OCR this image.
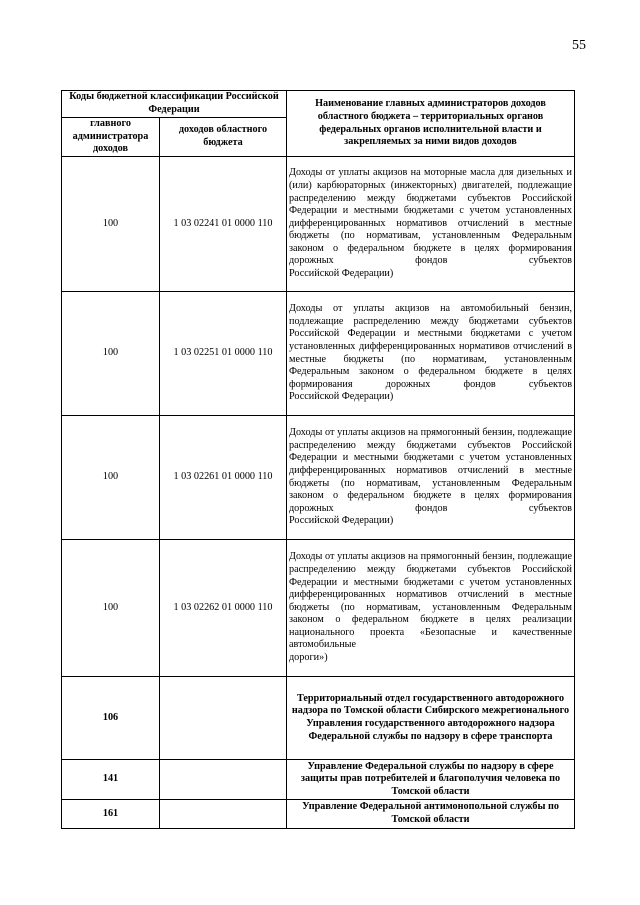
55
Коды бюджетной классификации Российской Федерации		Наименование главных администраторов доходов областного бюджета – территориальных органов федеральных органов исполнительной власти и закрепляемых за ними видов доходов
главного администратора доходов	доходов областного бюджета	
100	1 03 02241 01 0000 110	Доходы от уплаты акцизов на моторные масла для дизельных и (или) карбюраторных (инжекторных) двигателей, подлежащие распределению между бюджетами субъектов Российской Федерации и местными бюджетами с учетом установленных дифференцированных нормативов отчислений в местные бюджеты (по нормативам, установленным Федеральным законом о федеральном бюджете в целях формирования дорожных фондов субъектов
Российской Федерации)

100	1 03 02251 01 0000 110	Доходы от уплаты акцизов на автомобильный бензин, подлежащие распределению между бюджетами субъектов Российской Федерации и местными бюджетами с учетом установленных дифференцированных нормативов отчислений в местные бюджеты (по нормативам, установленным Федеральным законом о федеральном бюджете в целях формирования дорожных фондов субъектов
Российской Федерации)

100	1 03 02261 01 0000 110	Доходы от уплаты акцизов на прямогонный бензин, подлежащие распределению между бюджетами субъектов Российской Федерации и местными бюджетами с учетом установленных дифференцированных нормативов отчислений в местные бюджеты (по нормативам, установленным Федеральным законом о федеральном бюджете в целях формирования дорожных фондов субъектов
Российской Федерации)

100	1 03 02262 01 0000 110	Доходы от уплаты акцизов на прямогонный бензин, подлежащие распределению между бюджетами субъектов Российской Федерации и местными бюджетами с учетом установленных дифференцированных нормативов отчислений в местные бюджеты (по нормативам, установленным Федеральным законом о федеральном бюджете в целях реализации национального проекта «Безопасные и качественные автомобильные
дороги»)

106		Территориальный отдел государственного автодорожного надзора по Томской области Сибирского межрегионального Управления государственного автодорожного надзора Федеральной службы по надзору в сфере транспорта
141		Управление Федеральной службы по надзору в сфере защиты прав потребителей и благополучия человека по Томской области
161		Управление Федеральной антимонопольной службы по Томской области
